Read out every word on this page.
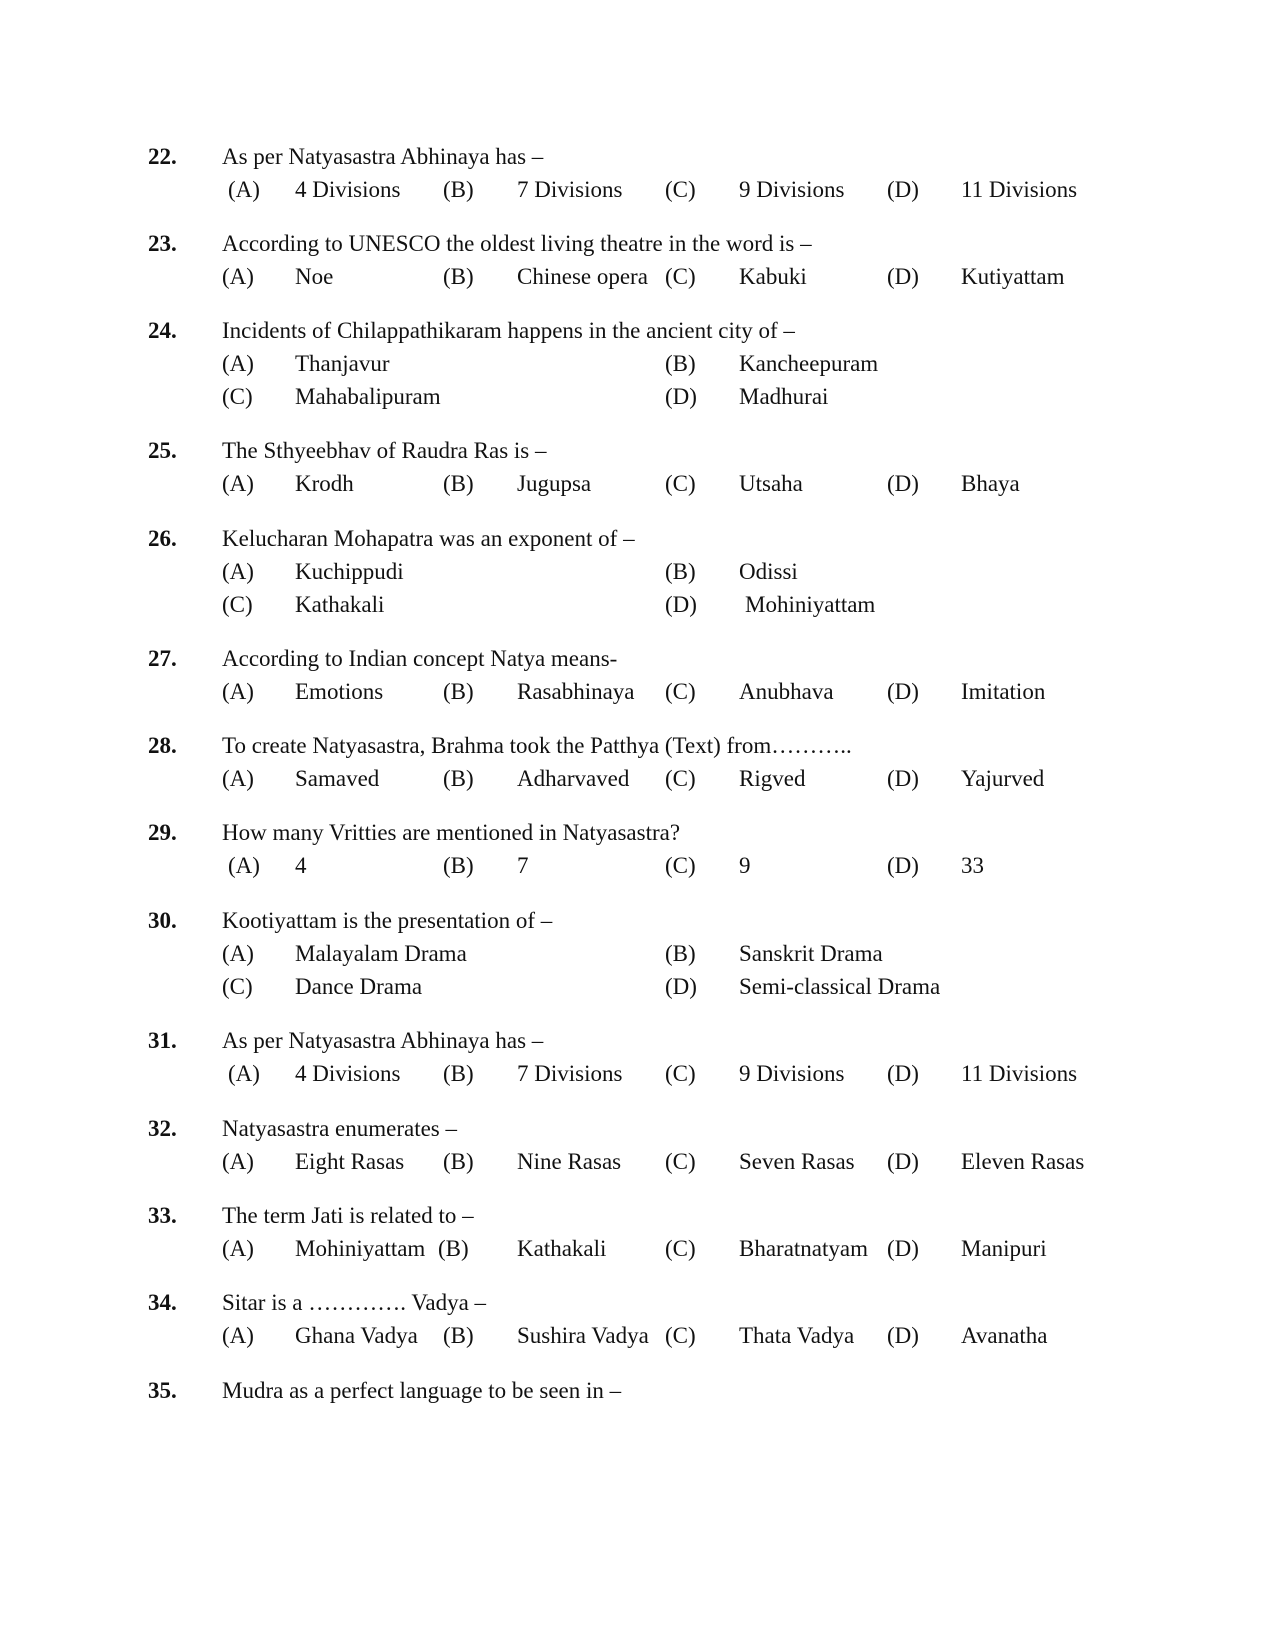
22. As per Natyasastra Abhinaya has –
(A) 4 Divisions (B) 7 Divisions (C) 9 Divisions (D) 11 Divisions
23. According to UNESCO the oldest living theatre in the word is –
(A) Noe	(B) Chinese opera (C) Kabuki	(D) Kutiyattam
24. Incidents of Chilappathikaram happens in the ancient city of –
(A) Thanjavur	(B) Kancheepuram
(C) Mahabalipuram	(D) Madhurai
25. The Sthyeebhav of Raudra Ras is –
(A) Krodh	(B) Jugupsa	(C) Utsaha	(D) Bhaya
26. Kelucharan Mohapatra was an exponent of –
(A) Kuchippudi	(B) Odissi
(C) Kathakali	(D) Mohiniyattam
27. According to Indian concept Natya means-
(A) Emotions	(B) Rasabhinaya (C) Anubhava (D) Imitation
28. To create Natyasastra, Brahma took the Patthya (Text) from………..
(A) Samaved	(B) Adharvaved (C) Rigved	(D) Yajurved
29. How many Vritties are mentioned in Natyasastra?
(A) 4	(B) 7	(C) 9	(D) 33
30. Kootiyattam is the presentation of –
(A) Malayalam Drama	(B) Sanskrit Drama
(C) Dance Drama	(D) Semi-classical Drama
31. As per Natyasastra Abhinaya has –
(A) 4 Divisions (B) 7 Divisions (C) 9 Divisions (D) 11 Divisions
32. Natyasastra enumerates –
(A) Eight Rasas (B) Nine Rasas (C) Seven Rasas (D) Eleven Rasas
33. The term Jati is related to –
(A) Mohiniyattam (B) Kathakali	(C) Bharatnatyam (D) Manipuri
34. Sitar is a …………. Vadya –
(A) Ghana Vadya (B) Sushira Vadya (C) Thata Vadya (D) Avanatha
35. Mudra as a perfect language to be seen in –
